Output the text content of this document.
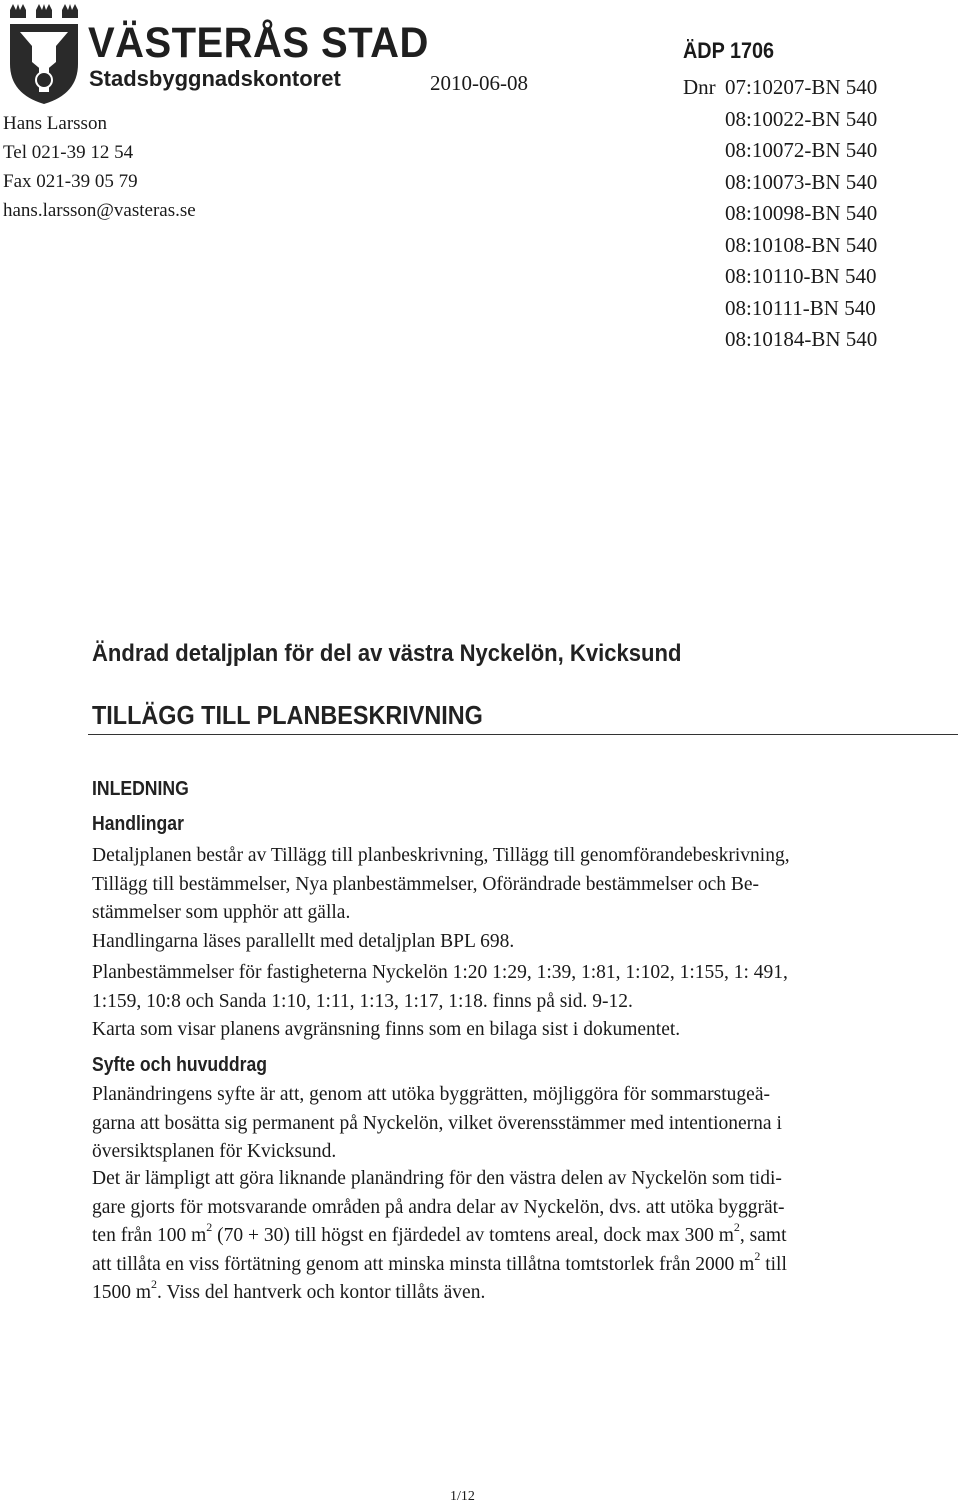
VÄSTERÅS STAD
Stadsbyggnadskontoret
Hans Larsson
Tel 021-39 12 54
Fax 021-39 05 79
hans.larsson@vasteras.se
2010-06-08
ÄDP 1706
Dnr 07:10207-BN 540
08:10022-BN 540
08:10072-BN 540
08:10073-BN 540
08:10098-BN 540
08:10108-BN 540
08:10110-BN 540
08:10111-BN 540
08:10184-BN 540
Ändrad detaljplan för del av västra Nyckelön, Kvicksund
TILLÄGG TILL PLANBESKRIVNING
INLEDNING
Handlingar
Detaljplanen består av Tillägg till planbeskrivning, Tillägg till genomförandebeskrivning,
Tillägg till bestämmelser, Nya planbestämmelser, Oförändrade bestämmelser och Be-
stämmelser som upphör att gälla.
Handlingarna läses parallellt med detaljplan BPL 698.
Planbestämmelser för fastigheterna Nyckelön 1:20 1:29, 1:39, 1:81, 1:102, 1:155, 1: 491,
1:159, 10:8 och Sanda 1:10, 1:11, 1:13, 1:17, 1:18. finns på sid. 9-12.
Karta som visar planens avgränsning finns som en bilaga sist i dokumentet.
Syfte och huvuddrag
Planändringens syfte är att, genom att utöka byggrätten, möjliggöra för sommarstugeä-
garna att bosätta sig permanent på Nyckelön, vilket överensstämmer med intentionerna i
översiktsplanen för Kvicksund.
Det är lämpligt att göra liknande planändring för den västra delen av Nyckelön som tidi-
gare gjorts för motsvarande områden på andra delar av Nyckelön, dvs. att utöka byggrät-
ten från 100 $m^2$ (70 + 30) till högst en fjärdedel av tomtens areal, dock max 300 $m^2$, samt
att tillåta en viss förtätning genom att minska minsta tillåtna tomtstorlek från 2000 $m^2$ till
1500 $m^2$. Viss del hantverk och kontor tillåts även.
1/12
